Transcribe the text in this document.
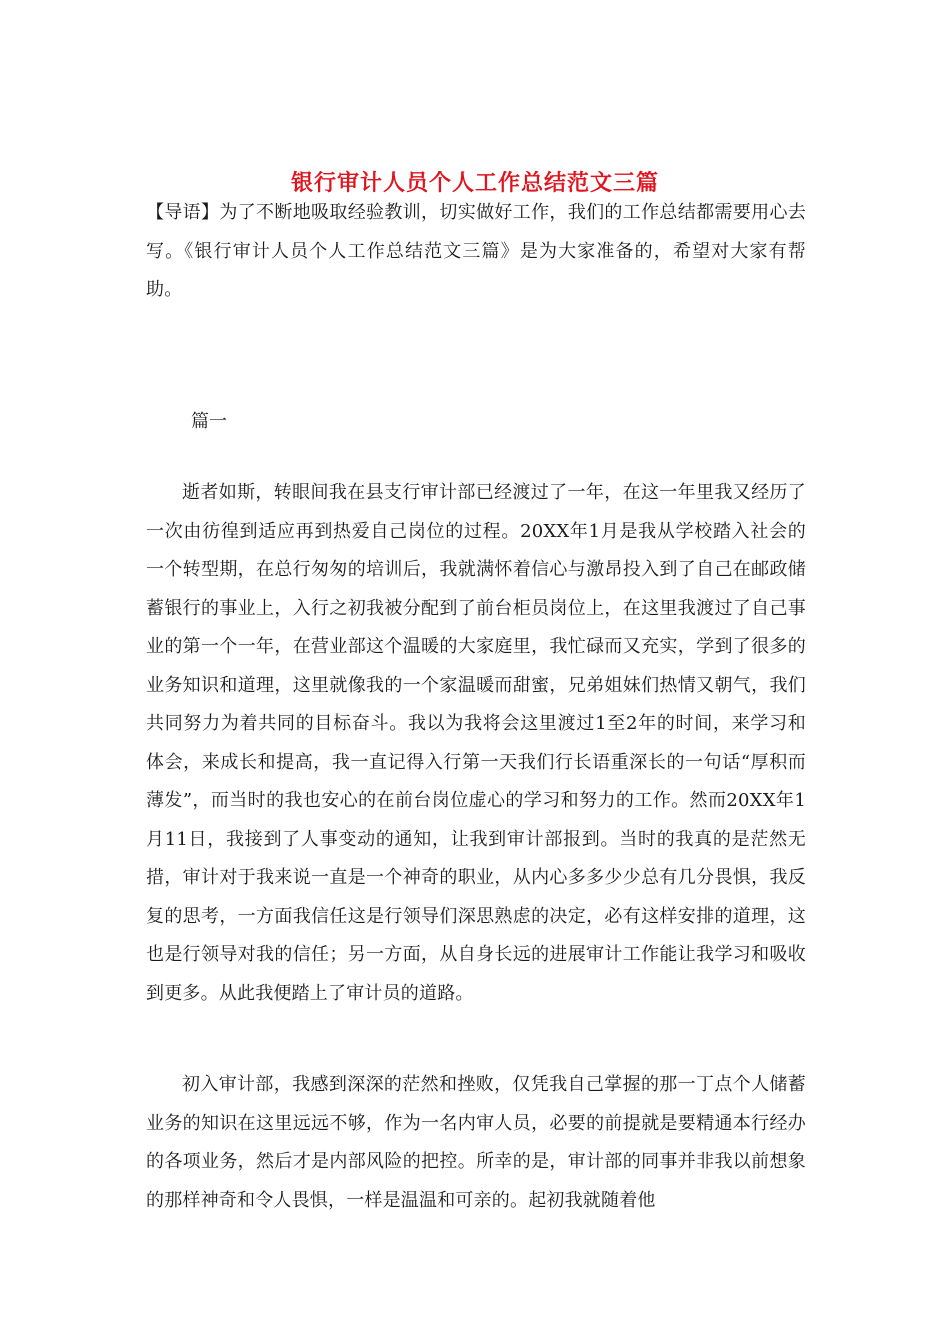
银行审计人员个人工作总结范文三篇

【导语】为了不断地吸取经验教训，切实做好工作，我们的工作总结都需要用心去写。《银行审计人员个人工作总结范文三篇》是为大家准备的，希望对大家有帮助。

篇一

逝者如斯，转眼间我在县支行审计部已经渡过了一年，在这一年里我又经历了一次由彷徨到适应再到热爱自己岗位的过程。20XX年1月是我从学校踏入社会的一个转型期，在总行匆匆的培训后，我就满怀着信心与激昂投入到了自己在邮政储蓄银行的事业上，入行之初我被分配到了前台柜员岗位上，在这里我渡过了自己事业的第一个一年，在营业部这个温暖的大家庭里，我忙碌而又充实，学到了很多的业务知识和道理，这里就像我的一个家温暖而甜蜜，兄弟姐妹们热情又朝气，我们共同努力为着共同的目标奋斗。我以为我将会这里渡过1至2年的时间，来学习和体会，来成长和提高，我一直记得入行第一天我们行长语重深长的一句话“厚积而薄发”，而当时的我也安心的在前台岗位虚心的学习和努力的工作。然而20XX年1月11日，我接到了人事变动的通知，让我到审计部报到。当时的我真的是茫然无措，审计对于我来说一直是一个神奇的职业，从内心多多少少总有几分畏惧，我反复的思考，一方面我信任这是行领导们深思熟虑的决定，必有这样安排的道理，这也是行领导对我的信任；另一方面，从自身长远的进展审计工作能让我学习和吸收到更多。从此我便踏上了审计员的道路。

初入审计部，我感到深深的茫然和挫败，仅凭我自己掌握的那一丁点个人储蓄业务的知识在这里远远不够，作为一名内审人员，必要的前提就是要精通本行经办的各项业务，然后才是内部风险的把控。所幸的是，审计部的同事并非我以前想象的那样神奇和令人畏惧，一样是温温和可亲的。起初我就随着他
